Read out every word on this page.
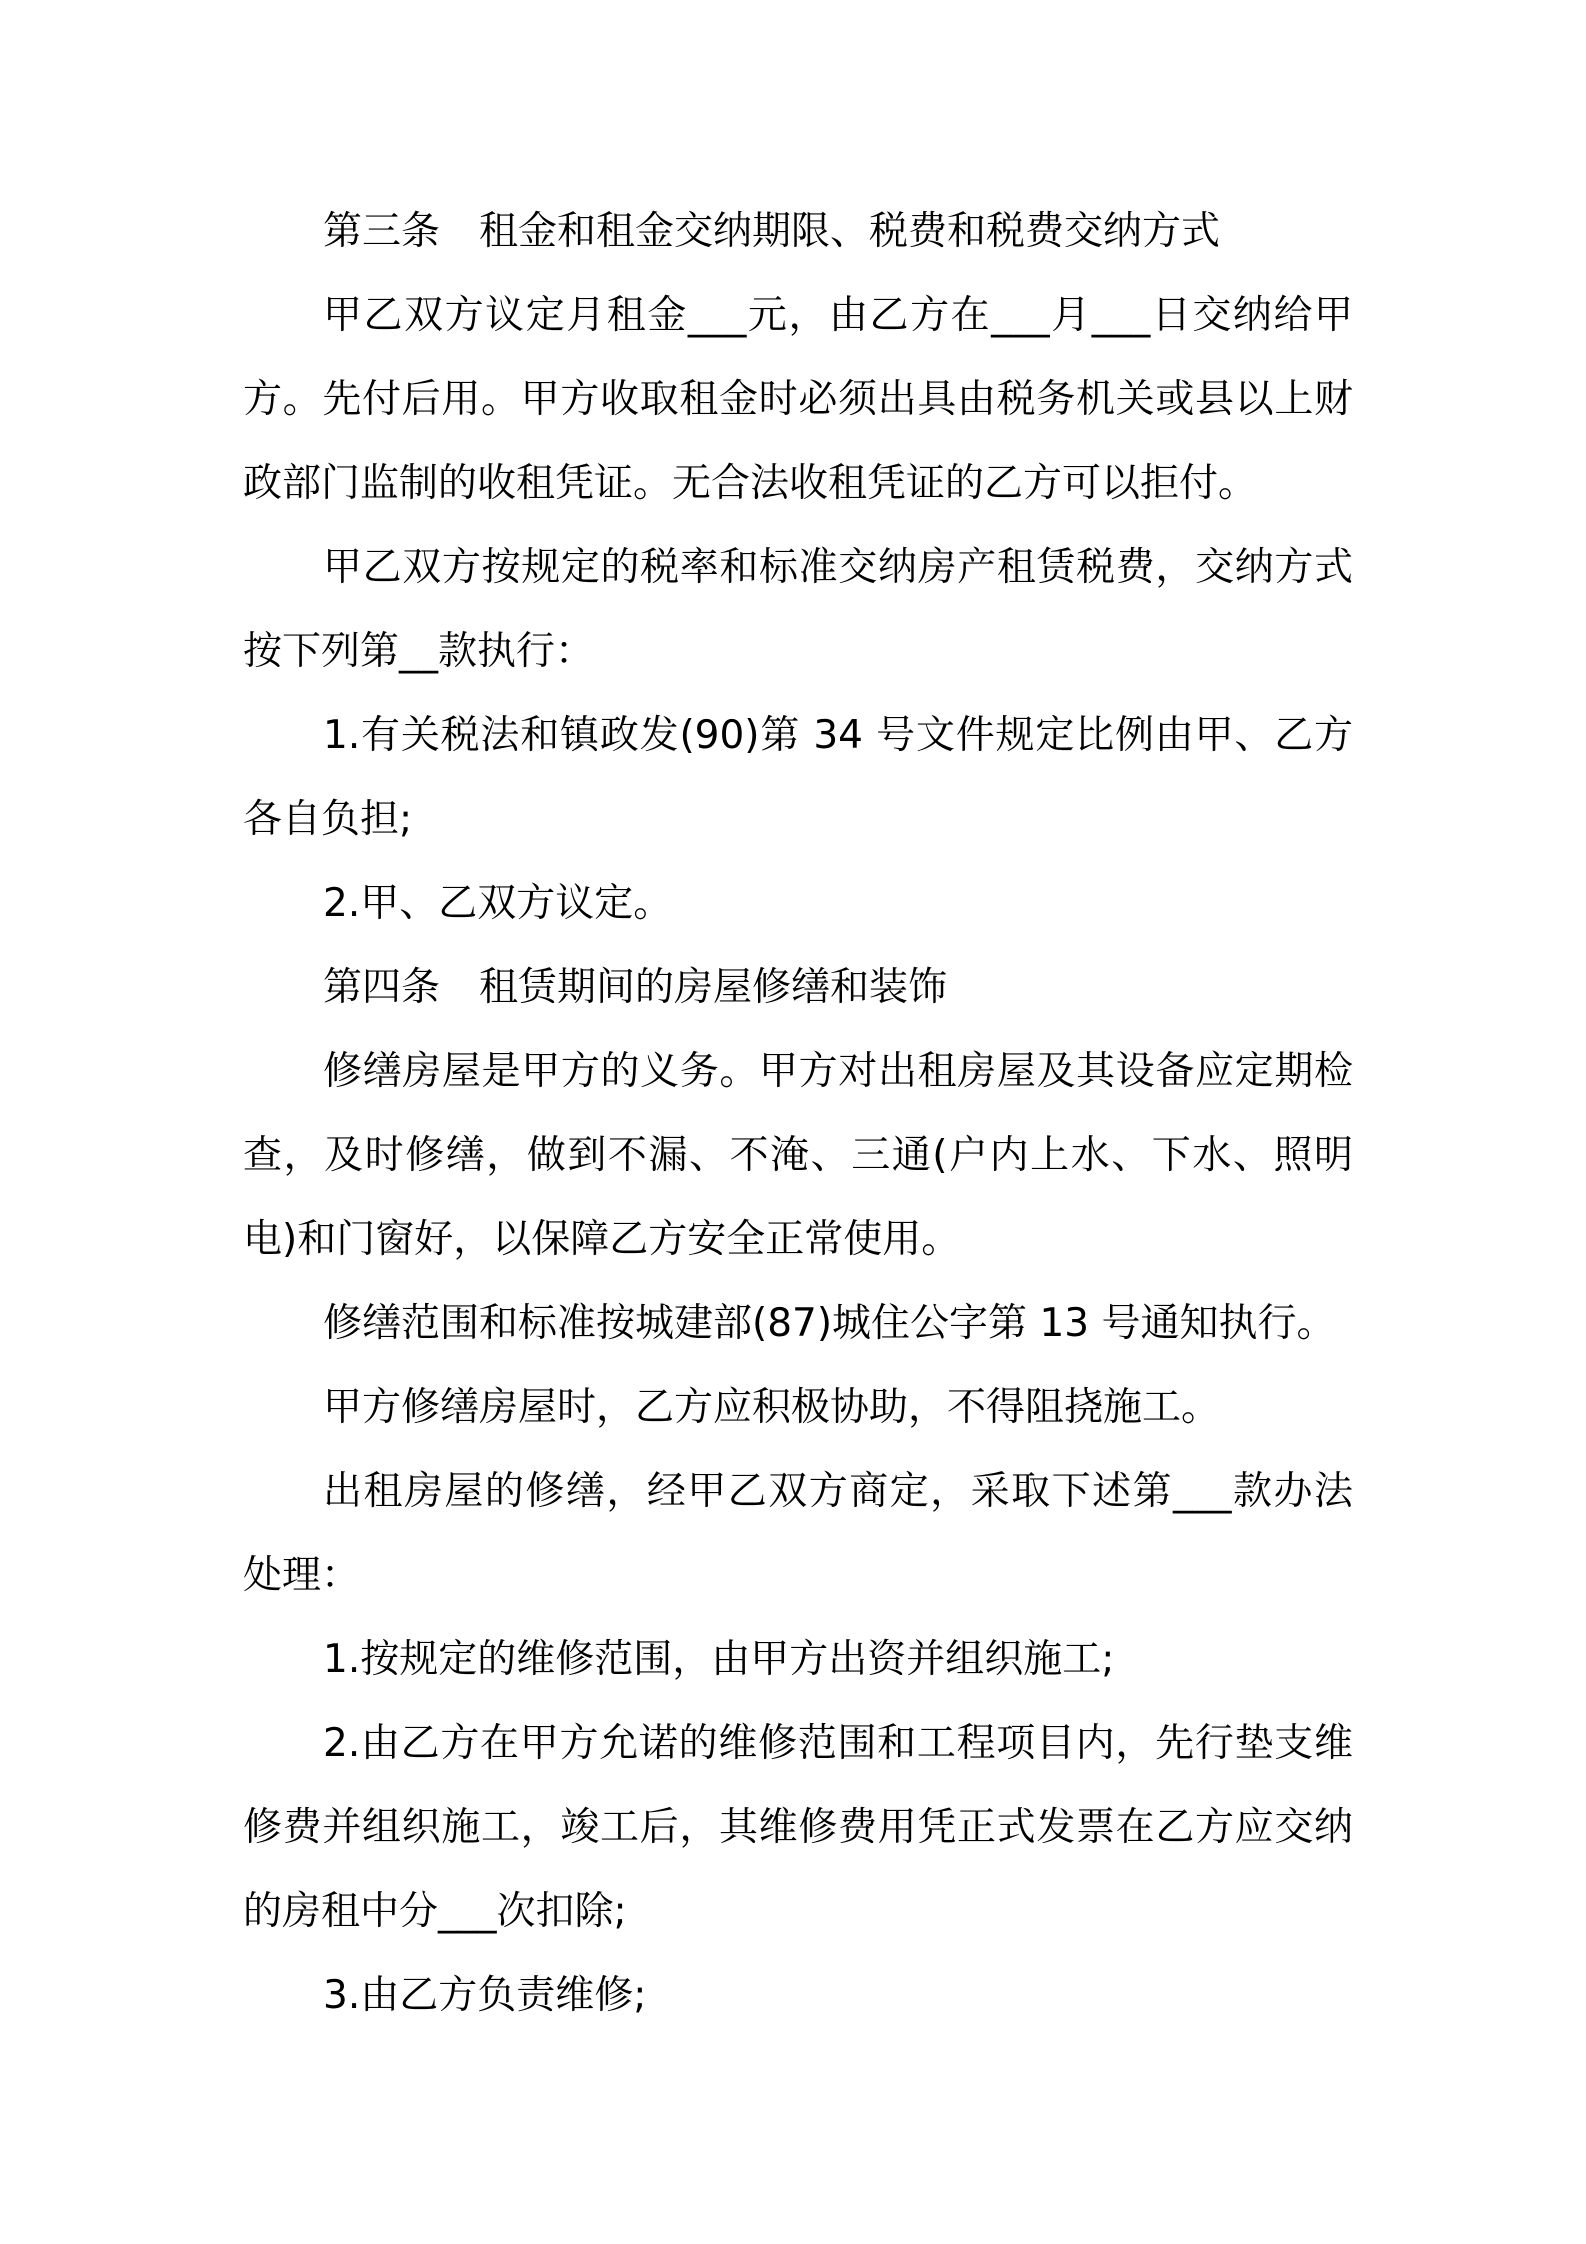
第三条　租金和租金交纳期限、税费和税费交纳方式

甲乙双方议定月租金___元，由乙方在___月___日交纳给甲方。先付后用。甲方收取租金时必须出具由税务机关或县以上财政部门监制的收租凭证。无合法收租凭证的乙方可以拒付。

甲乙双方按规定的税率和标准交纳房产租赁税费，交纳方式按下列第__款执行：

1.有关税法和镇政发(90)第 34 号文件规定比例由甲、乙方各自负担;

2.甲、乙双方议定。

第四条　租赁期间的房屋修缮和装饰

修缮房屋是甲方的义务。甲方对出租房屋及其设备应定期检查，及时修缮，做到不漏、不淹、三通(户内上水、下水、照明电)和门窗好，以保障乙方安全正常使用。

修缮范围和标准按城建部(87)城住公字第 13 号通知执行。

甲方修缮房屋时，乙方应积极协助，不得阻挠施工。

出租房屋的修缮，经甲乙双方商定，采取下述第___款办法处理：

1.按规定的维修范围，由甲方出资并组织施工;

2.由乙方在甲方允诺的维修范围和工程项目内，先行垫支维修费并组织施工，竣工后，其维修费用凭正式发票在乙方应交纳的房租中分___次扣除;

3.由乙方负责维修;
